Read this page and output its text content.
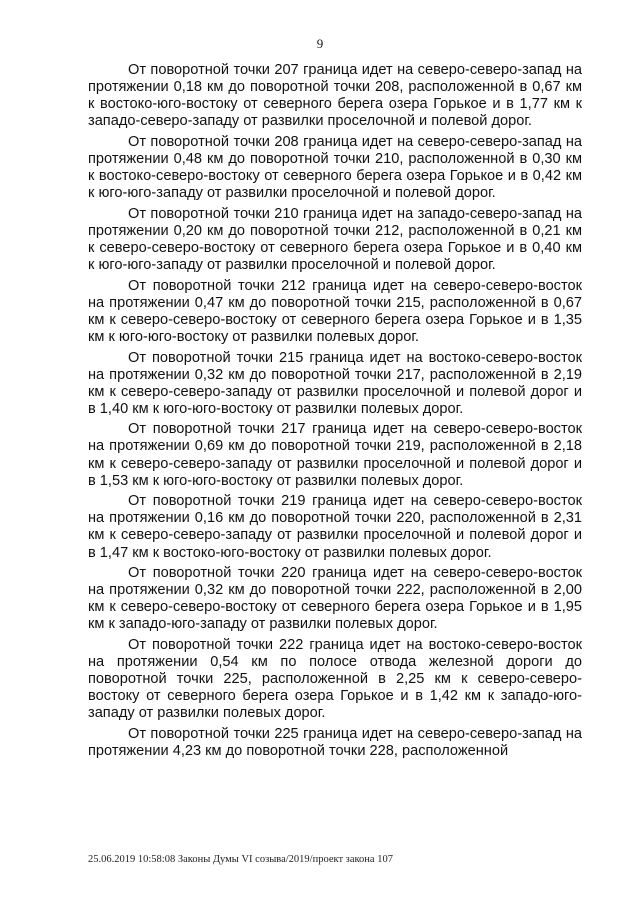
9

От поворотной точки 207 граница идет на северо-северо-запад на протяжении 0,18 км до поворотной точки 208, расположенной в 0,67 км к востоко-юго-востоку от северного берега озера Горькое и в 1,77 км к западо-северо-западу от развилки проселочной и полевой дорог.

От поворотной точки 208 граница идет на северо-северо-запад на протяжении 0,48 км до поворотной точки 210, расположенной в 0,30 км к востоко-северо-востоку от северного берега озера Горькое и в 0,42 км к юго-юго-западу от развилки проселочной и полевой дорог.

От поворотной точки 210 граница идет на западо-северо-запад на протяжении 0,20 км до поворотной точки 212, расположенной в 0,21 км к северо-северо-востоку от северного берега озера Горькое и в 0,40 км к юго-юго-западу от развилки проселочной и полевой дорог.

От поворотной точки 212 граница идет на северо-северо-восток на протяжении 0,47 км до поворотной точки 215, расположенной в 0,67 км к северо-северо-востоку от северного берега озера Горькое и в 1,35 км к юго-юго-востоку от развилки полевых дорог.

От поворотной точки 215 граница идет на востоко-северо-восток на протяжении 0,32 км до поворотной точки 217, расположенной в 2,19 км к северо-северо-западу от развилки проселочной и полевой дорог и в 1,40 км к юго-юго-востоку от развилки полевых дорог.

От поворотной точки 217 граница идет на северо-северо-восток на протяжении 0,69 км до поворотной точки 219, расположенной в 2,18 км к северо-северо-западу от развилки проселочной и полевой дорог и в 1,53 км к юго-юго-востоку от развилки полевых дорог.

От поворотной точки 219 граница идет на северо-северо-восток на протяжении 0,16 км до поворотной точки 220, расположенной в 2,31 км к северо-северо-западу от развилки проселочной и полевой дорог и в 1,47 км к востоко-юго-востоку от развилки полевых дорог.

От поворотной точки 220 граница идет на северо-северо-восток на протяжении 0,32 км до поворотной точки 222, расположенной в 2,00 км к северо-северо-востоку от северного берега озера Горькое и в 1,95 км к западо-юго-западу от развилки полевых дорог.

От поворотной точки 222 граница идет на востоко-северо-восток на протяжении 0,54 км по полосе отвода железной дороги до поворотной точки 225, расположенной в 2,25 км к северо-северо-востоку от северного берега озера Горькое и в 1,42 км к западо-юго-западу от развилки полевых дорог.

От поворотной точки 225 граница идет на северо-северо-запад на протяжении 4,23 км до поворотной точки 228, расположенной

25.06.2019 10:58:08 Законы Думы VI созыва/2019/проект закона 107
